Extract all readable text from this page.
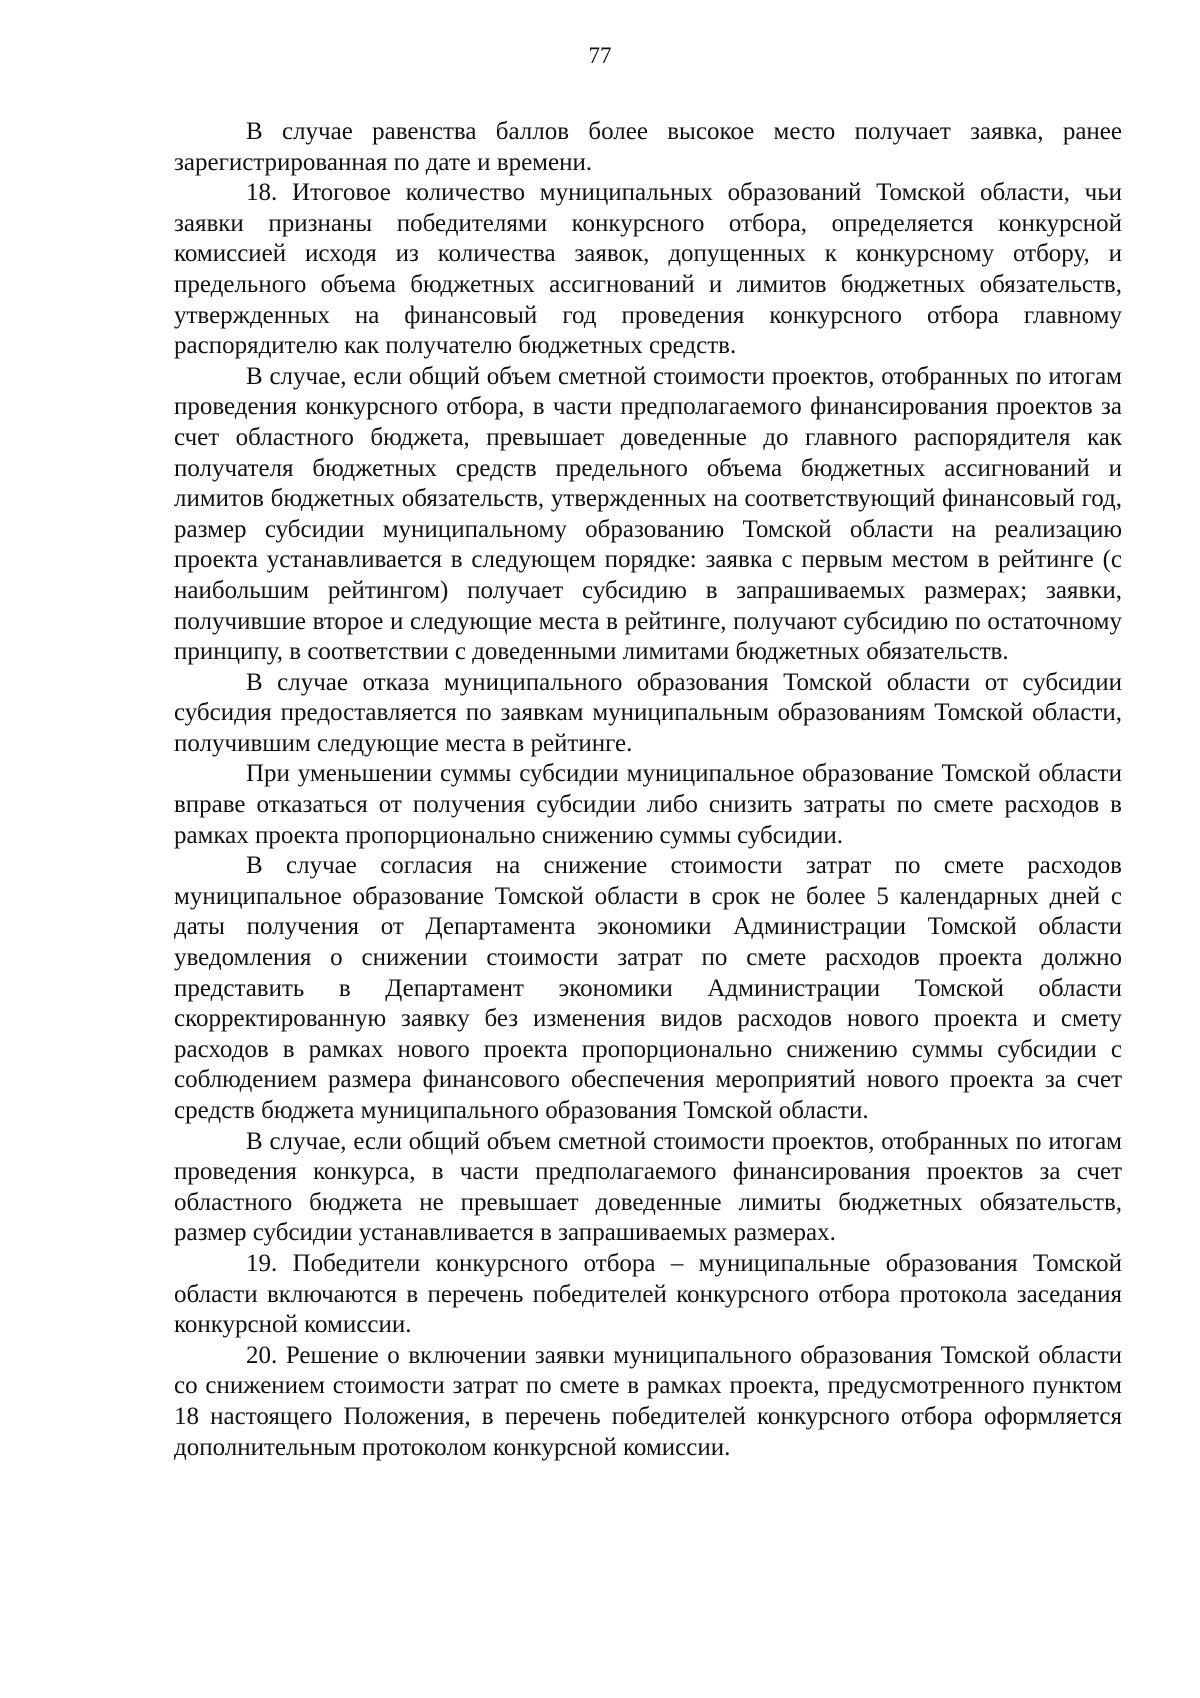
77

В случае равенства баллов более высокое место получает заявка, ранее зарегистрированная по дате и времени.

18. Итоговое количество муниципальных образований Томской области, чьи заявки признаны победителями конкурсного отбора, определяется конкурсной комиссией исходя из количества заявок, допущенных к конкурсному отбору, и предельного объема бюджетных ассигнований и лимитов бюджетных обязательств, утвержденных на финансовый год проведения конкурсного отбора главному распорядителю как получателю бюджетных средств.

В случае, если общий объем сметной стоимости проектов, отобранных по итогам проведения конкурсного отбора, в части предполагаемого финансирования проектов за счет областного бюджета, превышает доведенные до главного распорядителя как получателя бюджетных средств предельного объема бюджетных ассигнований и лимитов бюджетных обязательств, утвержденных на соответствующий финансовый год, размер субсидии муниципальному образованию Томской области на реализацию проекта устанавливается в следующем порядке: заявка с первым местом в рейтинге (с наибольшим рейтингом) получает субсидию в запрашиваемых размерах; заявки, получившие второе и следующие места в рейтинге, получают субсидию по остаточному принципу, в соответствии с доведенными лимитами бюджетных обязательств.

В случае отказа муниципального образования Томской области от субсидии субсидия предоставляется по заявкам муниципальным образованиям Томской области, получившим следующие места в рейтинге.

При уменьшении суммы субсидии муниципальное образование Томской области вправе отказаться от получения субсидии либо снизить затраты по смете расходов в рамках проекта пропорционально снижению суммы субсидии.

В случае согласия на снижение стоимости затрат по смете расходов муниципальное образование Томской области в срок не более 5 календарных дней с даты получения от Департамента экономики Администрации Томской области уведомления о снижении стоимости затрат по смете расходов проекта должно представить в Департамент экономики Администрации Томской области скорректированную заявку без изменения видов расходов нового проекта и смету расходов в рамках нового проекта пропорционально снижению суммы субсидии с соблюдением размера финансового обеспечения мероприятий нового проекта за счет средств бюджета муниципального образования Томской области.

В случае, если общий объем сметной стоимости проектов, отобранных по итогам проведения конкурса, в части предполагаемого финансирования проектов за счет областного бюджета не превышает доведенные лимиты бюджетных обязательств, размер субсидии устанавливается в запрашиваемых размерах.

19. Победители конкурсного отбора – муниципальные образования Томской области включаются в перечень победителей конкурсного отбора протокола заседания конкурсной комиссии.

20. Решение о включении заявки муниципального образования Томской области со снижением стоимости затрат по смете в рамках проекта, предусмотренного пунктом 18 настоящего Положения, в перечень победителей конкурсного отбора оформляется дополнительным протоколом конкурсной комиссии.
